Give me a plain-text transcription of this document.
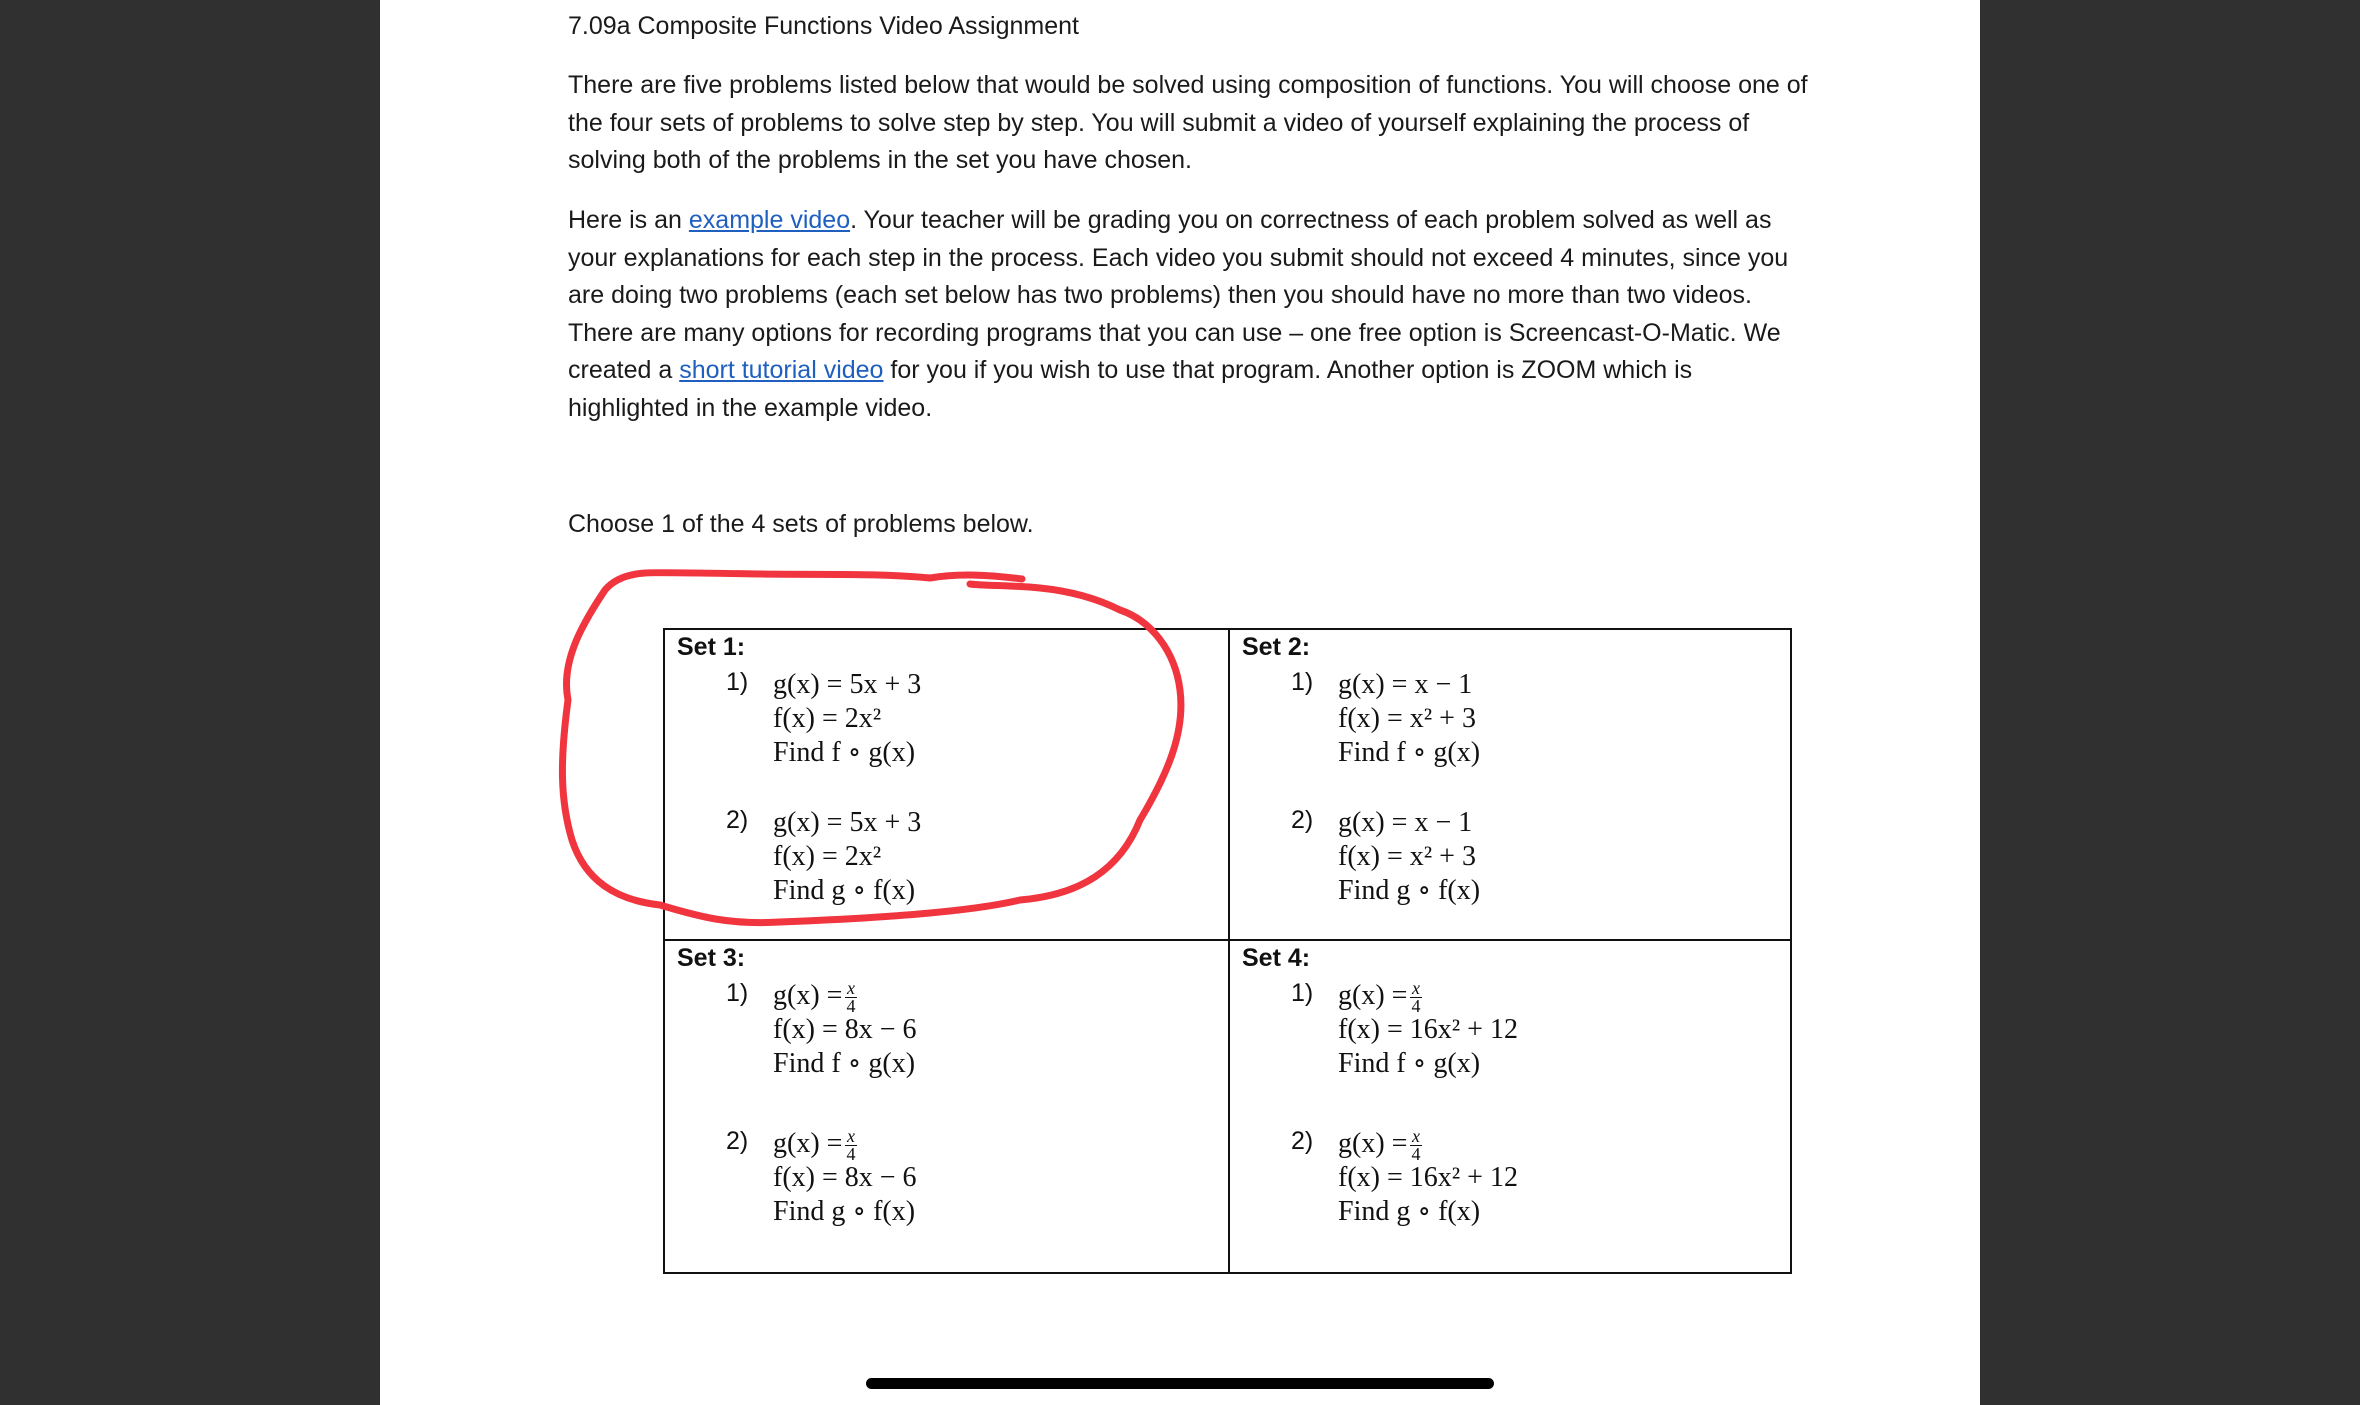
7.09a Composite Functions Video Assignment
There are five problems listed below that would be solved using composition of functions. You will choose one of the four sets of problems to solve step by step. You will submit a video of yourself explaining the process of solving both of the problems in the set you have chosen.
Here is an example video. Your teacher will be grading you on correctness of each problem solved as well as your explanations for each step in the process. Each video you submit should not exceed 4 minutes, since you are doing two problems (each set below has two problems) then you should have no more than two videos. There are many options for recording programs that you can use – one free option is Screencast-O-Matic. We created a short tutorial video for you if you wish to use that program. Another option is ZOOM which is highlighted in the example video.
Choose 1 of the 4 sets of problems below.
Set 1:
1) g(x) = 5x + 3
f(x) = 2x²
Find f ∘ g(x)
2) g(x) = 5x + 3
f(x) = 2x²
Find g ∘ f(x)
Set 2:
1) g(x) = x − 1
f(x) = x² + 3
Find f ∘ g(x)
2) g(x) = x − 1
f(x) = x² + 3
Find g ∘ f(x)
Set 3:
1) $g(x) = \frac{x}{4}$
f(x) = 8x − 6
Find f ∘ g(x)
2) $g(x) = \frac{x}{4}$
f(x) = 8x − 6
Find g ∘ f(x)
Set 4:
1) $g(x) = \frac{x}{4}$
f(x) = 16x² + 12
Find f ∘ g(x)
2) $g(x) = \frac{x}{4}$
f(x) = 16x² + 12
Find g ∘ f(x)
